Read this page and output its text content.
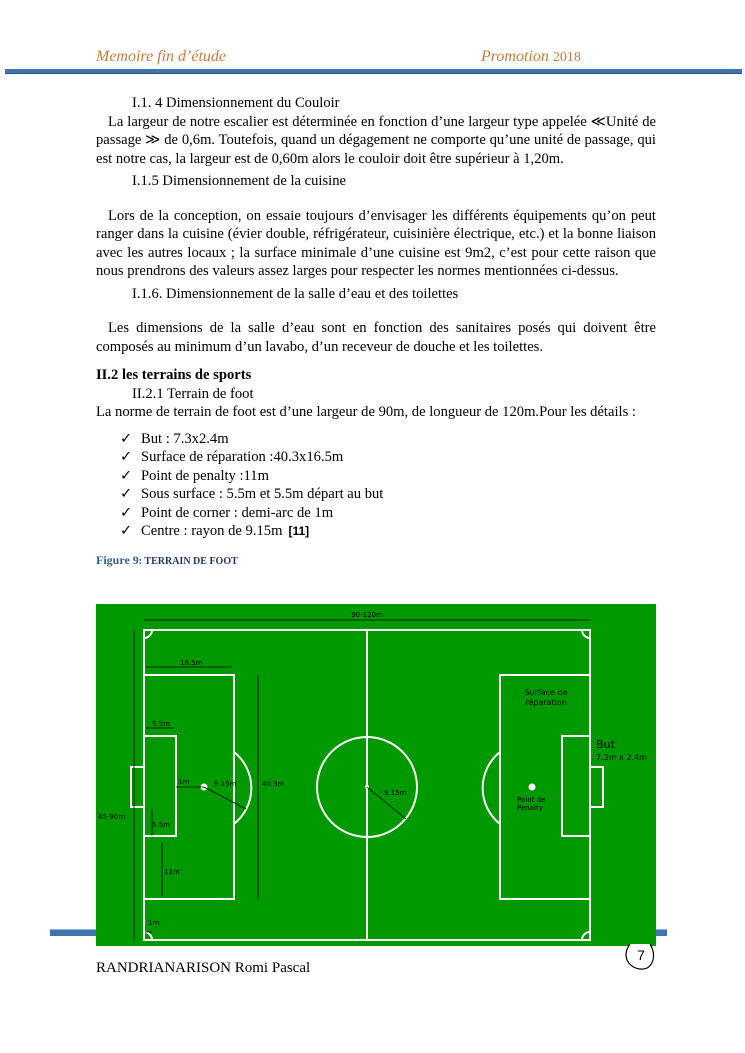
Memoire fin d’étude	Promotion 2018

I.1. 4 Dimensionnement du Couloir

La largeur de notre escalier est déterminée en fonction d’une largeur type appelée ≪Unité de passage ≫ de 0,6m. Toutefois, quand un dégagement ne comporte qu’une unité de passage, qui est notre cas, la largeur est de 0,60m alors le couloir doit être supérieur à 1,20m.

I.1.5 Dimensionnement de la cuisine

Lors de la conception, on essaie toujours d’envisager les différents équipements qu’on peut ranger dans la cuisine (évier double, réfrigérateur, cuisinière électrique, etc.) et la bonne liaison avec les autres locaux ; la surface minimale d’une cuisine est 9m2, c’est pour cette raison que nous prendrons des valeurs assez larges pour respecter les normes mentionnées ci-dessus.

I.1.6. Dimensionnement de la salle d’eau et des toilettes

Les dimensions de la salle d’eau sont en fonction des sanitaires posés qui doivent être composés au minimum d’un lavabo, d’un receveur de douche et les toilettes.

II.2 les terrains de sports

II.2.1 Terrain de foot

La norme de terrain de foot est d’une largeur de 90m, de longueur de 120m.Pour les détails :

✓ But : 7.3x2.4m
✓ Surface de réparation :40.3x16.5m
✓ Point de penalty :11m
✓ Sous surface : 5.5m et 5.5m départ au but
✓ Point de corner : demi-arc de 1m
✓ Centre : rayon de 9.15m [11]

Figure 9: TERRAIN DE FOOT

90-120m
45-90m
16.5m
5.5m
5.5m
11m
1m	9.15m	40.3m
9.15m
1m
Surface de
réparation
But
7.3m x 2.4m
Point de
Penalty
7
RANDRIANARISON Romi Pascal
